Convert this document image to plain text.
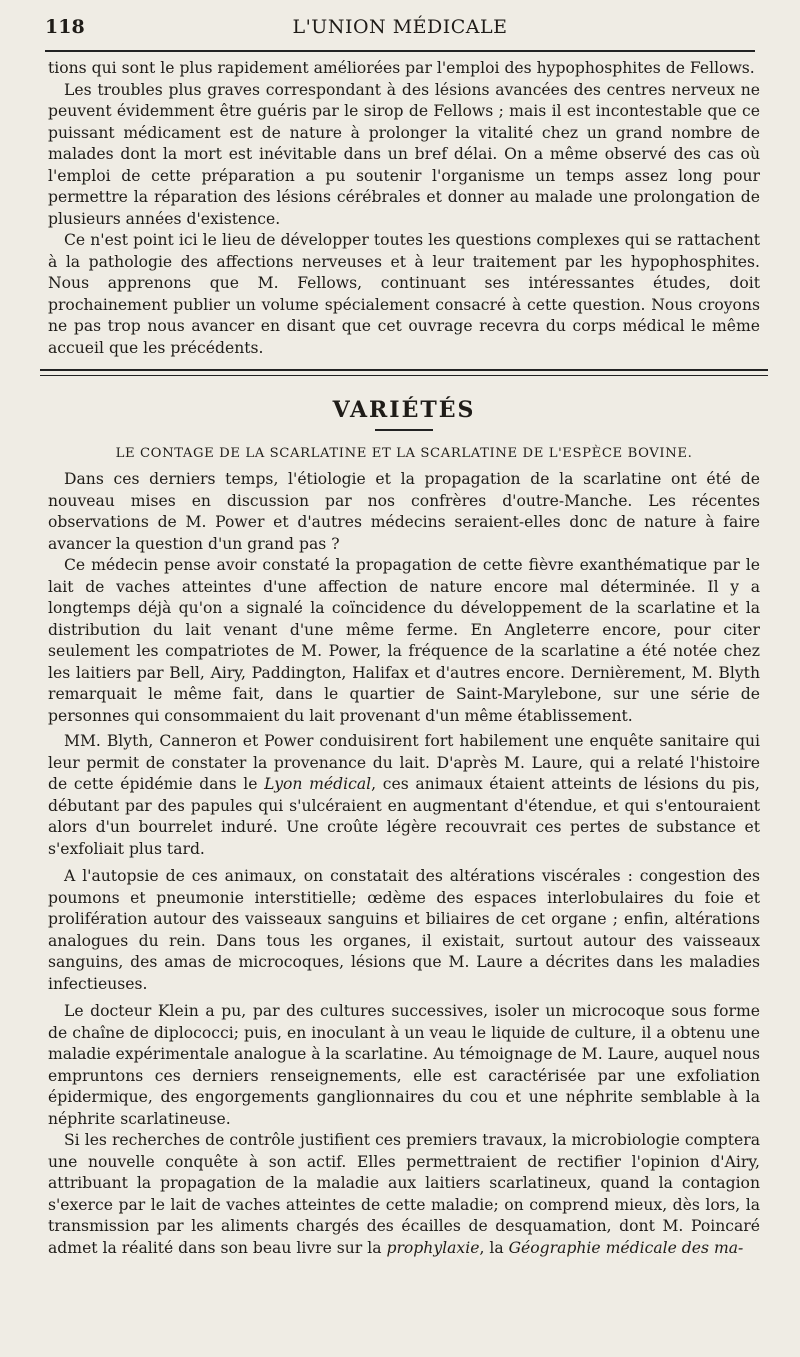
118	L'UNION MÉDICALE

tions qui sont le plus rapidement améliorées par l'emploi des hypophosphites de Fellows.

Les troubles plus graves correspondant à des lésions avancées des centres nerveux ne peuvent évidemment être guéris par le sirop de Fellows ; mais il est incontestable que ce puissant médicament est de nature à prolonger la vitalité chez un grand nombre de malades dont la mort est inévitable dans un bref délai. On a même observé des cas où l'emploi de cette préparation a pu soutenir l'organisme un temps assez long pour permettre la réparation des lésions cérébrales et donner au malade une prolongation de plusieurs années d'existence.

Ce n'est point ici le lieu de développer toutes les questions complexes qui se rattachent à la pathologie des affections nerveuses et à leur traitement par les hypophosphites. Nous apprenons que M. Fellows, continuant ses intéressantes études, doit prochainement publier un volume spécialement consacré à cette question. Nous croyons ne pas trop nous avancer en disant que cet ouvrage recevra du corps médical le même accueil que les précédents.

VARIÉTÉS
LE CONTAGE DE LA SCARLATINE ET LA SCARLATINE DE L'ESPÈCE BOVINE.

Dans ces derniers temps, l'étiologie et la propagation de la scarlatine ont été de nouveau mises en discussion par nos confrères d'outre-Manche. Les récentes observations de M. Power et d'autres médecins seraient-elles donc de nature à faire avancer la question d'un grand pas ?

Ce médecin pense avoir constaté la propagation de cette fièvre exanthématique par le lait de vaches atteintes d'une affection de nature encore mal déterminée. Il y a longtemps déjà qu'on a signalé la coïncidence du développement de la scarlatine et la distribution du lait venant d'une même ferme. En Angleterre encore, pour citer seulement les compatriotes de M. Power, la fréquence de la scarlatine a été notée chez les laitiers par Bell, Airy, Paddington, Halifax et d'autres encore. Dernièrement, M. Blyth remarquait le même fait, dans le quartier de Saint-Marylebone, sur une série de personnes qui consommaient du lait provenant d'un même établissement.

MM. Blyth, Canneron et Power conduisirent fort habilement une enquête sanitaire qui leur permit de constater la provenance du lait. D'après M. Laure, qui a relaté l'histoire de cette épidémie dans le Lyon médical, ces animaux étaient atteints de lésions du pis, débutant par des papules qui s'ulcéraient en augmentant d'étendue, et qui s'entouraient alors d'un bourrelet induré. Une croûte légère recouvrait ces pertes de substance et s'exfoliait plus tard.

A l'autopsie de ces animaux, on constatait des altérations viscérales : congestion des poumons et pneumonie interstitielle; œdème des espaces interlobulaires du foie et prolifération autour des vaisseaux sanguins et biliaires de cet organe ; enfin, altérations analogues du rein. Dans tous les organes, il existait, surtout autour des vaisseaux sanguins, des amas de microcoques, lésions que M. Laure a décrites dans les maladies infectieuses.

Le docteur Klein a pu, par des cultures successives, isoler un microcoque sous forme de chaîne de diplococci; puis, en inoculant à un veau le liquide de culture, il a obtenu une maladie expérimentale analogue à la scarlatine. Au témoignage de M. Laure, auquel nous empruntons ces derniers renseignements, elle est caractérisée par une exfoliation épidermique, des engorgements ganglionnaires du cou et une néphrite semblable à la néphrite scarlatineuse.

Si les recherches de contrôle justifient ces premiers travaux, la microbiologie comptera une nouvelle conquête à son actif. Elles permettraient de rectifier l'opinion d'Airy, attribuant la propagation de la maladie aux laitiers scarlatineux, quand la contagion s'exerce par le lait de vaches atteintes de cette maladie; on comprend mieux, dès lors, la transmission par les aliments chargés des écailles de desquamation, dont M. Poincaré admet la réalité dans son beau livre sur la prophylaxie, la Géographie médicale des ma-
